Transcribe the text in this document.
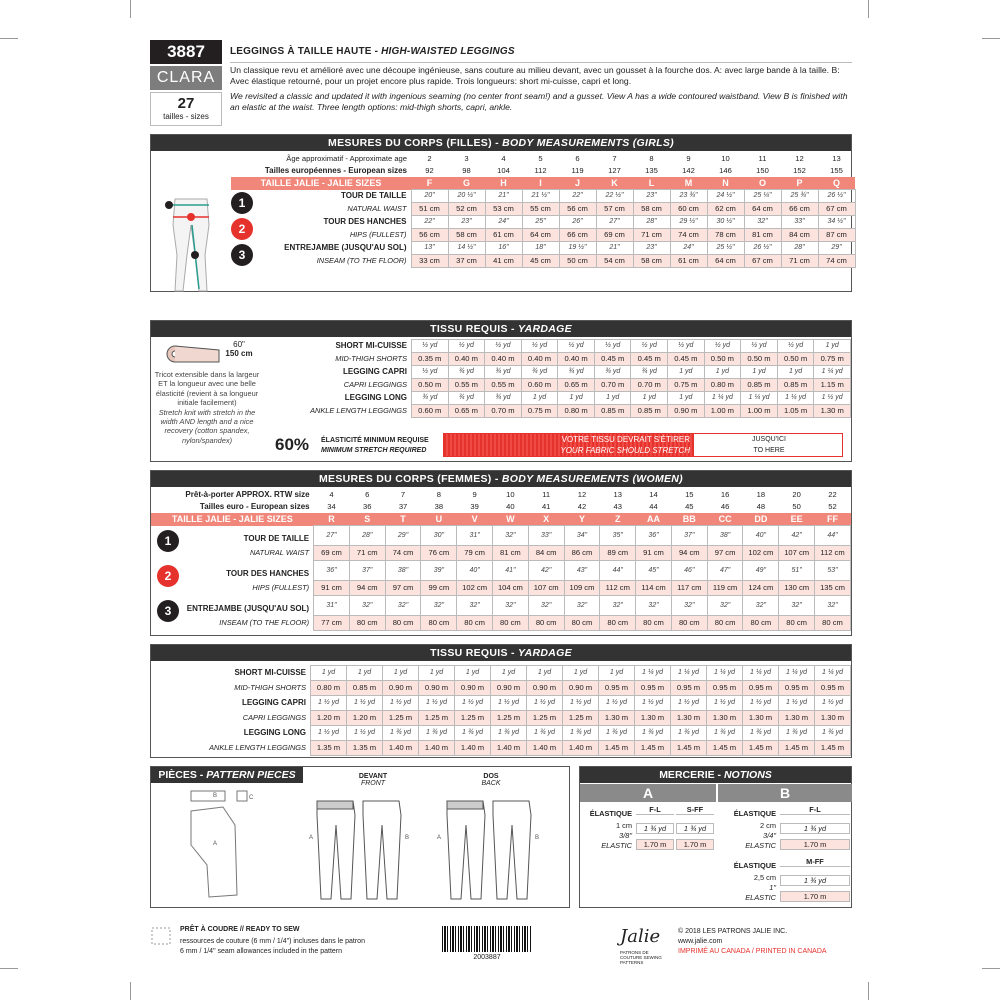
3887
CLARA
27
tailles - sizes
LEGGINGS À TAILLE HAUTE - HIGH-WAISTED LEGGINGS
Un classique revu et amélioré avec une découpe ingénieuse, sans couture au milieu devant, avec un gousset à la fourche dos. A: avec large bande à la taille. B: Avec élastique retourné, pour un projet encore plus rapide. Trois longueurs: short mi-cuisse, capri et long.
We revisited a classic and updated it with ingenious seaming (no center front seam!) and a gusset. View A has a wide contoured waistband. View B is finished with an elastic at the waist. Three length options: mid-thigh shorts, capri, ankle.
MESURES DU CORPS (FILLES) - BODY MEASUREMENTS (GIRLS)
Âge approximatif - Approximate age	2	3	4	5	6	7	8	9	10	11	12	13
Tailles européennes - European sizes	92	98	104	112	119	127	135	142	146	150	152	155
TAILLE JALIE - JALIE SIZES	F	G	H	I	J	K	L	M	N	O	P	Q

1 TOUR DE TAILLE	20"	20 ½"	21"	21 ½"	22"	22 ½"	23"	23 ¾"	24 ½"	25 ¼"	25 ¾"	26 ½"
NATURAL WAIST	51 cm	52 cm	53 cm	55 cm	56 cm	57 cm	58 cm	60 cm	62 cm	64 cm	66 cm	67 cm

2 TOUR DES HANCHES	22"	23"	24"	25"	26"	27"	28"	29 ½"	30 ½"	32"	33"	34 ½"
HIPS (FULLEST)	56 cm	58 cm	61 cm	64 cm	66 cm	69 cm	71 cm	74 cm	78 cm	81 cm	84 cm	87 cm

3 ENTREJAMBE (JUSQU'AU SOL)	13"	14 ½"	16"	18"	19 ½"	21"	23"	24"	25 ½"	26 ½"	28"	29"
INSEAM (TO THE FLOOR)	33 cm	37 cm	41 cm	45 cm	50 cm	54 cm	58 cm	61 cm	64 cm	67 cm	71 cm	74 cm
TISSU REQUIS - YARDAGE
60"
150 cm
Tricot extensible dans la largeur ET la longueur avec une belle élasticité (revient à sa longueur initiale facilement)
Stretch knit with stretch in the width AND length and a nice recovery (cotton spandex, nylon/spandex)
SHORT MI-CUISSE	½ yd	½ yd	½ yd	½ yd	½ yd	½ yd	½ yd	½ yd	½ yd	½ yd	½ yd	1 yd
MID-THIGH SHORTS	0.35 m	0.40 m	0.40 m	0.40 m	0.40 m	0.45 m	0.45 m	0.45 m	0.50 m	0.50 m	0.50 m	0.75 m
LEGGING CAPRI	½ yd	¾ yd	¾ yd	¾ yd	¾ yd	¾ yd	¾ yd	1 yd	1 yd	1 yd	1 yd	1 ¼ yd
CAPRI LEGGINGS	0.50 m	0.55 m	0.55 m	0.60 m	0.65 m	0.70 m	0.70 m	0.75 m	0.80 m	0.85 m	0.85 m	1.15 m
LEGGING LONG	¾ yd	¾ yd	¾ yd	1 yd	1 yd	1 yd	1 yd	1 yd	1 ¼ yd	1 ¼ yd	1 ¼ yd	1 ½ yd
ANKLE LENGTH LEGGINGS	0.60 m	0.65 m	0.70 m	0.75 m	0.80 m	0.85 m	0.85 m	0.90 m	1.00 m	1.00 m	1.05 m	1.30 m
60% ÉLASTICITÉ MINIMUM REQUISE
MINIMUM STRETCH REQUIRED
VOTRE TISSU DEVRAIT S'ÉTIRER
YOUR FABRIC SHOULD STRETCH
JUSQU'ICI
TO HERE
MESURES DU CORPS (FEMMES) - BODY MEASUREMENTS (WOMEN)
Prêt-à-porter APPROX. RTW size	4	6	7	8	9	10	11	12	13	14	15	16	18	20	22
Tailles euro - European sizes	34	36	37	38	39	40	41	42	43	44	45	46	48	50	52
TAILLE JALIE - JALIE SIZES	R	S	T	U	V	W	X	Y	Z	AA	BB	CC	DD	EE	FF

1 TOUR DE TAILLE	27"	28"	29"	30"	31"	32"	33"	34"	35"	36"	37"	38"	40"	42"	44"
NATURAL WAIST	69 cm	71 cm	74 cm	76 cm	79 cm	81 cm	84 cm	86 cm	89 cm	91 cm	94 cm	97 cm	102 cm	107 cm	112 cm

2 TOUR DES HANCHES	36"	37"	38"	39"	40"	41"	42"	43"	44"	45"	46"	47"	49"	51"	53"
HIPS (FULLEST)	91 cm	94 cm	97 cm	99 cm	102 cm	104 cm	107 cm	109 cm	112 cm	114 cm	117 cm	119 cm	124 cm	130 cm	135 cm

3 ENTREJAMBE (JUSQU'AU SOL)	31"	32"	32"	32"	32"	32"	32"	32"	32"	32"	32"	32"	32"	32"	32"
INSEAM (TO THE FLOOR)	77 cm	80 cm	80 cm	80 cm	80 cm	80 cm	80 cm	80 cm	80 cm	80 cm	80 cm	80 cm	80 cm	80 cm	80 cm
TISSU REQUIS - YARDAGE
SHORT MI-CUISSE	1 yd	1 yd	1 yd	1 yd	1 yd	1 yd	1 yd	1 yd	1 yd	1 ¼ yd	1 ¼ yd	1 ¼ yd	1 ¼ yd	1 ¼ yd	1 ¼ yd
MID-THIGH SHORTS	0.80 m	0.85 m	0.90 m	0.90 m	0.90 m	0.90 m	0.90 m	0.90 m	0.95 m	0.95 m	0.95 m	0.95 m	0.95 m	0.95 m	0.95 m
LEGGING CAPRI	1 ½ yd	1 ½ yd	1 ½ yd	1 ½ yd	1 ½ yd	1 ½ yd	1 ½ yd	1 ½ yd	1 ½ yd	1 ½ yd	1 ½ yd	1 ½ yd	1 ½ yd	1 ½ yd	1 ½ yd
CAPRI LEGGINGS	1.20 m	1.20 m	1.25 m	1.25 m	1.25 m	1.25 m	1.25 m	1.25 m	1.30 m	1.30 m	1.30 m	1.30 m	1.30 m	1.30 m	1.30 m
LEGGING LONG	1 ½ yd	1 ½ yd	1 ¾ yd	1 ¾ yd	1 ¾ yd	1 ¾ yd	1 ¾ yd	1 ¾ yd	1 ¾ yd	1 ¾ yd	1 ¾ yd	1 ¾ yd	1 ¾ yd	1 ¾ yd	1 ¾ yd
ANKLE LENGTH LEGGINGS	1.35 m	1.35 m	1.40 m	1.40 m	1.40 m	1.40 m	1.40 m	1.40 m	1.45 m	1.45 m	1.45 m	1.45 m	1.45 m	1.45 m	1.45 m
PIÈCES - PATTERN PIECES
B	C
A
DEVANT
FRONT
DOS
BACK
A	B	A	B
MERCERIE - NOTIONS
A	B
ÉLASTIQUE
1 cm
3/8"
ELASTIC
F-L	S-FF
1 ¾ yd	1 ¾ yd
1.70 m	1.70 m
ÉLASTIQUE
2 cm
3/4"
ELASTIC
F-L
1 ¾ yd
1.70 m
ÉLASTIQUE
2,5 cm
1"
ELASTIC
M-FF
1 ¾ yd
1.70 m
PRÊT À COUDRE // READY TO SEW
ressources de couture (6 mm / 1/4") incluses dans le patron
6 mm / 1/4" seam allowances included in the pattern
2003887
Jalie
PATRONS DE COUTURE SEWING PATTERNS
© 2018 LES PATRONS JALIE INC.
www.jalie.com
IMPRIMÉ AU CANADA / PRINTED IN CANADA
